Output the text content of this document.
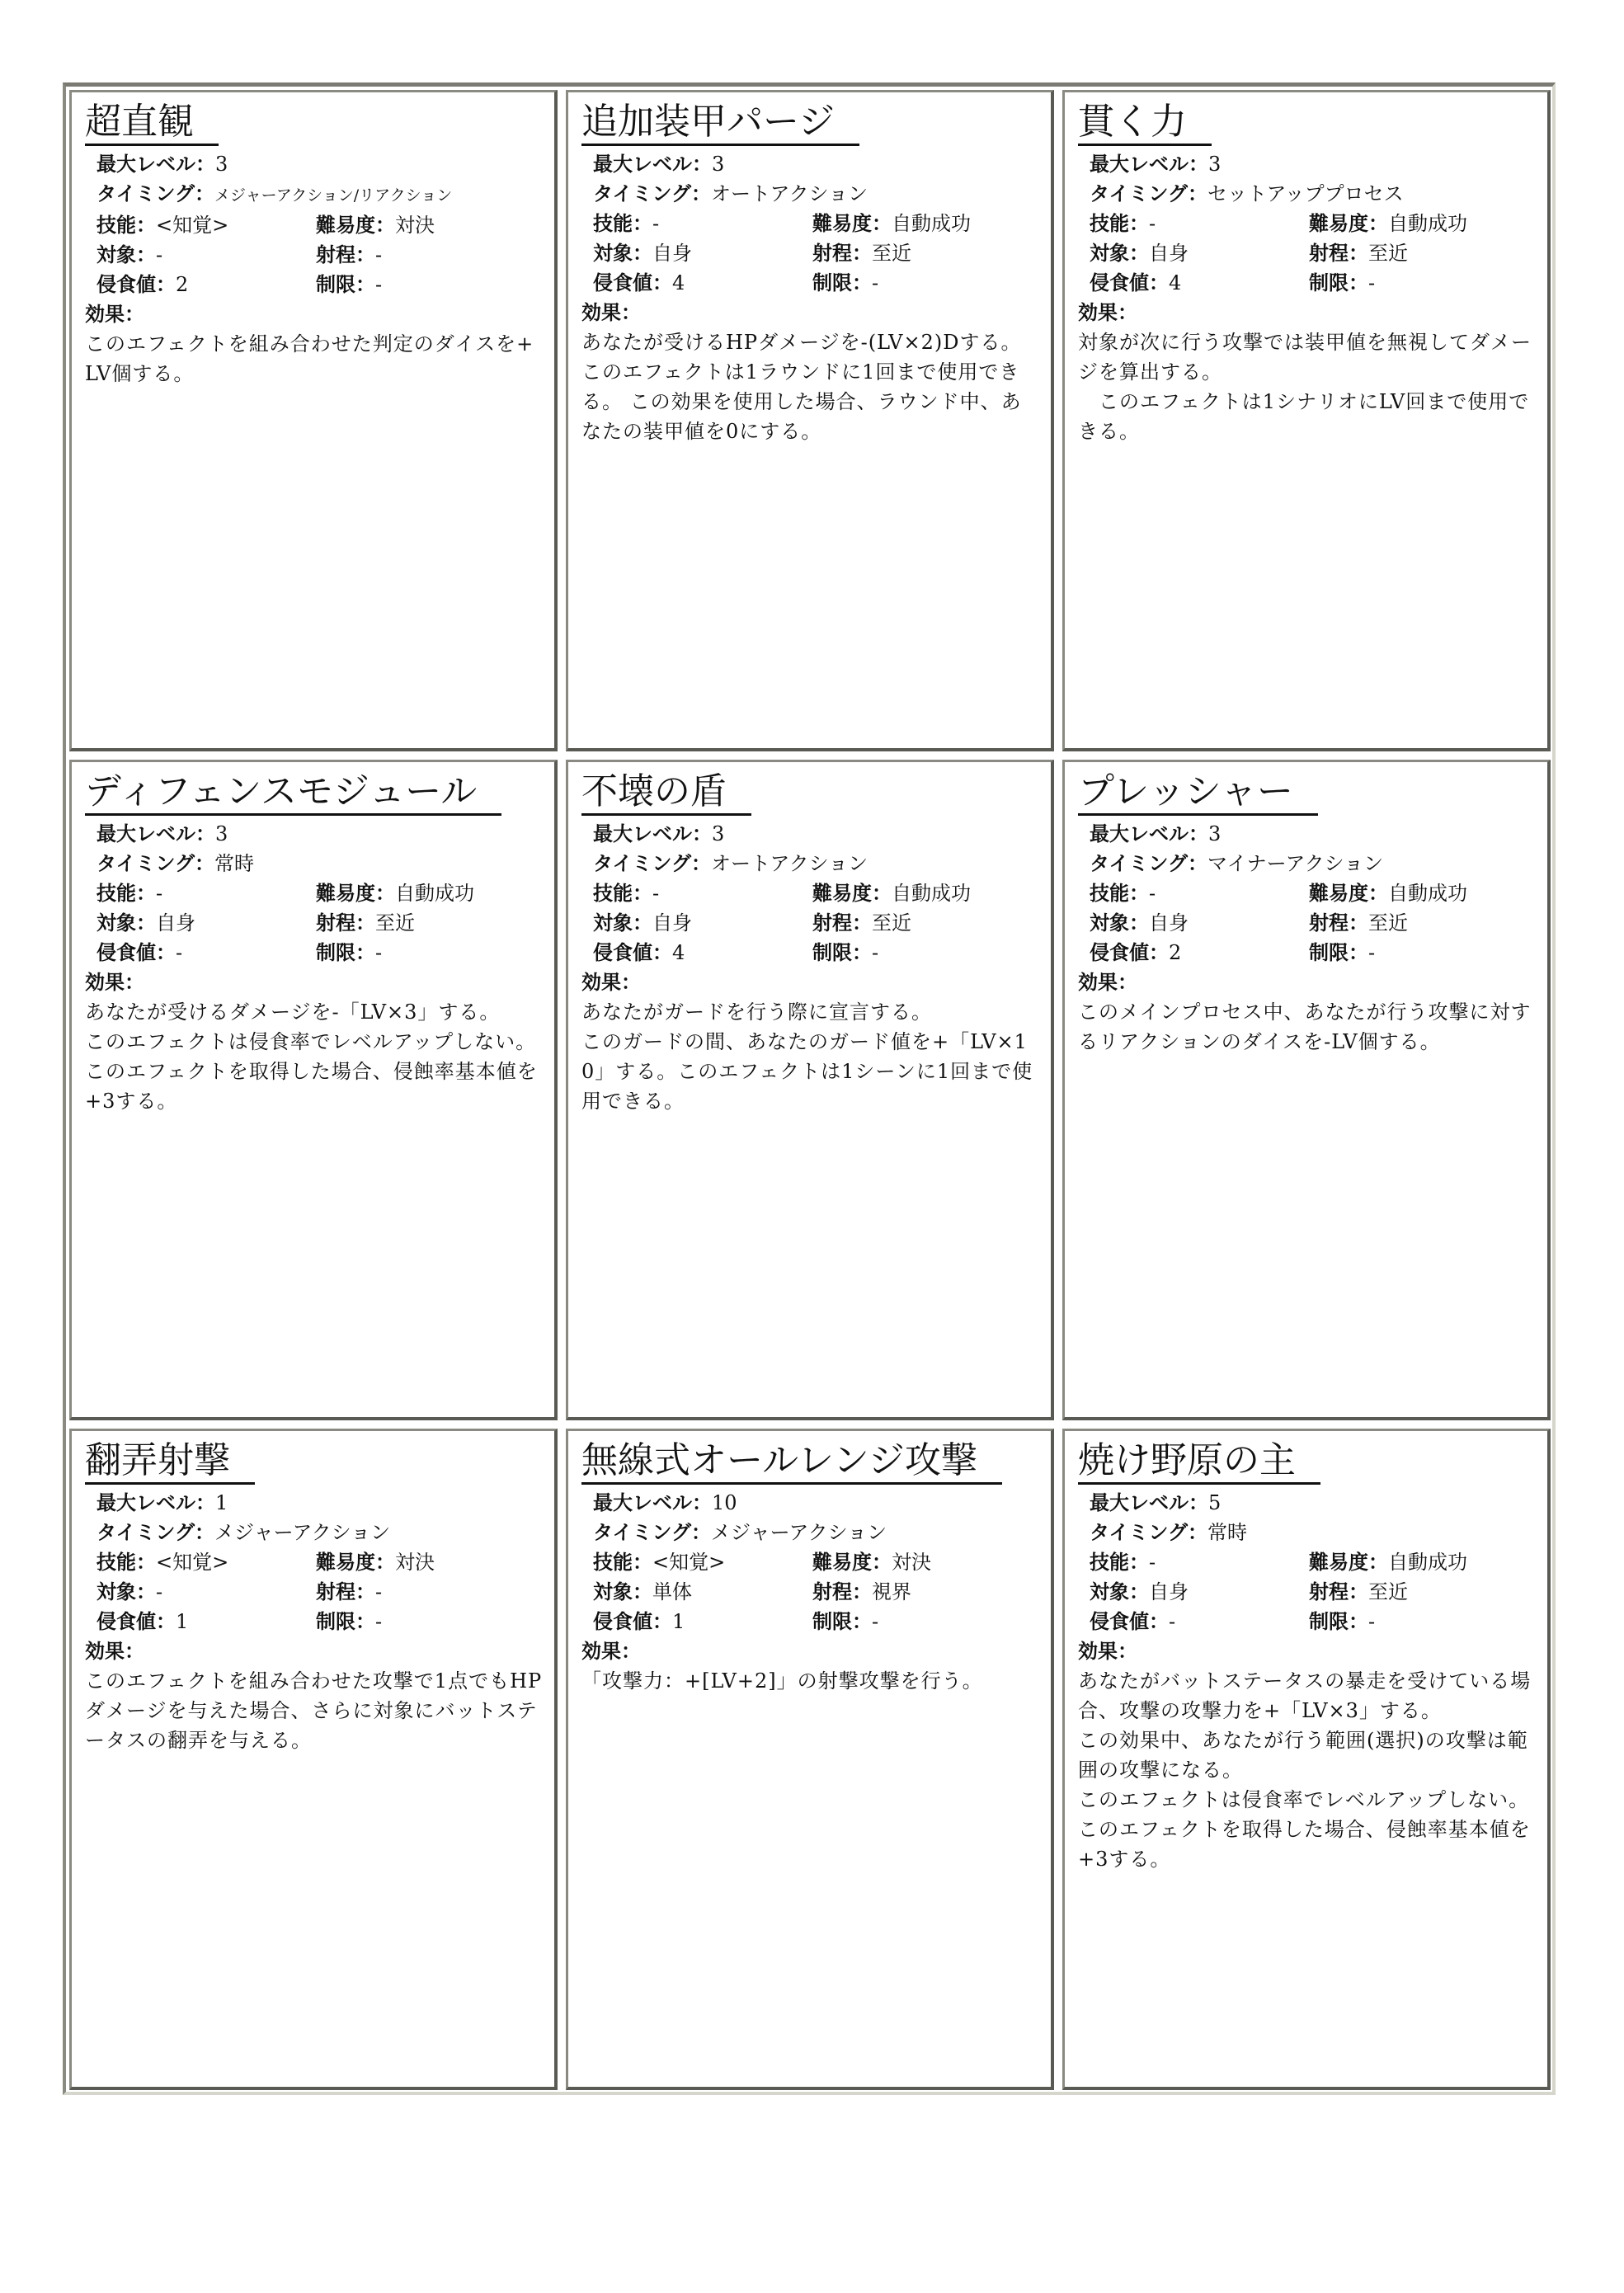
超直観
最大レベル：3
タイミング：メジャーアクション/リアクション
技能：<知覚>	難易度：対決
対象：-	射程：-
侵食値：2	制限：-
効果：

このエフェクトを組み合わせた判定のダイスを+LV個する。

追加装甲パージ
最大レベル：3
タイミング：オートアクション
技能：-	難易度：自動成功
対象：自身	射程：至近
侵食値：4	制限：-
効果：

あなたが受けるHPダメージを-(LV×2)Dする。 このエフェクトは1ラウンドに1回まで使用できる。 この効果を使用した場合、ラウンド中、あなたの装甲値を0にする。

貫く力
最大レベル：3
タイミング：セットアッププロセス
技能：-	難易度：自動成功
対象：自身	射程：至近
侵食値：4	制限：-
効果：

対象が次に行う攻撃では装甲値を無視してダメージを算出する。

　このエフェクトは1シナリオにLV回まで使用できる。

ディフェンスモジュール
最大レベル：3
タイミング：常時
技能：-	難易度：自動成功
対象：自身	射程：至近
侵食値：-	制限：-
効果：

あなたが受けるダメージを-「LV×3」する。

このエフェクトは侵食率でレベルアップしない。

このエフェクトを取得した場合、侵蝕率基本値を+3する。

不壊の盾
最大レベル：3
タイミング：オートアクション
技能：-	難易度：自動成功
対象：自身	射程：至近
侵食値：4	制限：-
効果：

あなたがガードを行う際に宣言する。

このガードの間、あなたのガード値を+「LV×10」する。このエフェクトは1シーンに1回まで使用できる。

プレッシャー
最大レベル：3
タイミング：マイナーアクション
技能：-	難易度：自動成功
対象：自身	射程：至近
侵食値：2	制限：-
効果：

このメインプロセス中、あなたが行う攻撃に対するリアクションのダイスを-LV個する。

翻弄射撃
最大レベル：1
タイミング：メジャーアクション
技能：<知覚>	難易度：対決
対象：-	射程：-
侵食値：1	制限：-
効果：

このエフェクトを組み合わせた攻撃で1点でもHPダメージを与えた場合、さらに対象にバットステータスの翻弄を与える。

無線式オールレンジ攻撃
最大レベル：10
タイミング：メジャーアクション
技能：<知覚>	難易度：対決
対象：単体	射程：視界
侵食値：1	制限：-
効果：

「攻撃力：+[LV+2]」の射撃攻撃を行う。

焼け野原の主
最大レベル：5
タイミング：常時
技能：-	難易度：自動成功
対象：自身	射程：至近
侵食値：-	制限：-
効果：

あなたがバットステータスの暴走を受けている場合、攻撃の攻撃力を+「LV×3」する。

この効果中、あなたが行う範囲(選択)の攻撃は範囲の攻撃になる。

このエフェクトは侵食率でレベルアップしない。

このエフェクトを取得した場合、侵蝕率基本値を+3する。
